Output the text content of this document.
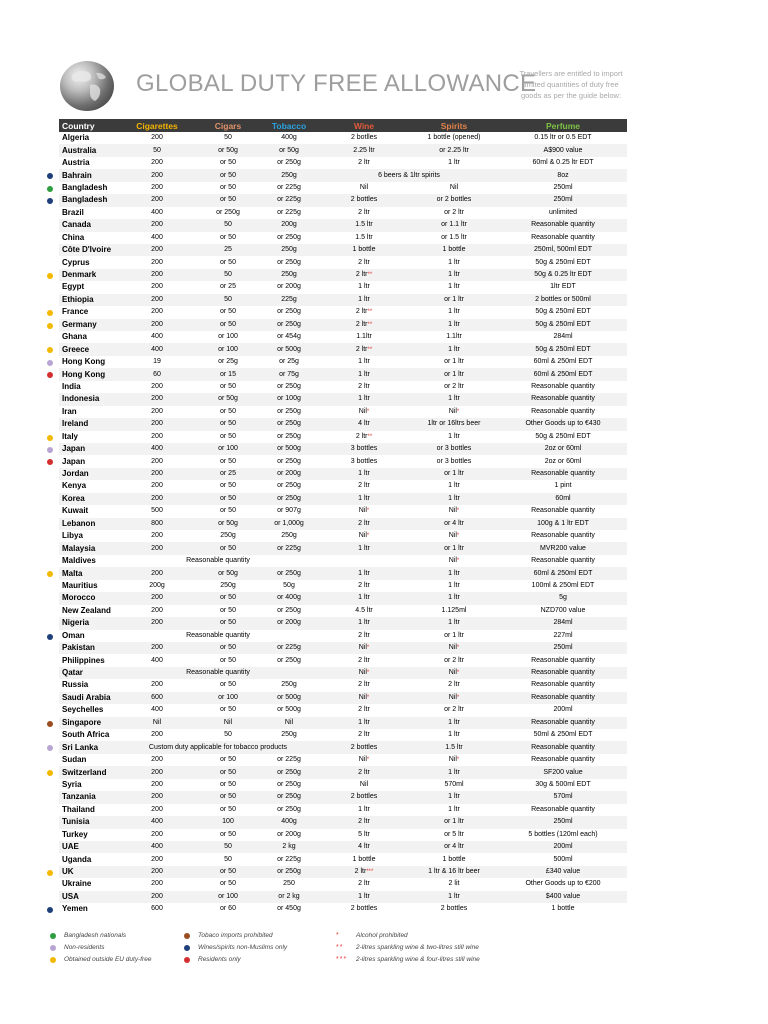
GLOBAL DUTY FREE ALLOWANCE
Travellers are entitled to import limited quantities of duty free goods as per the guide below:
Country	Cigarettes	Cigars	Tobacco	Wine	Spirits	Perfume
Algeria	200	50	400g	2 botlles	1 bottle (opened)	0.15 ltr or 0.5 EDT
Australia	50	or 50g	or 50g	2.25 ltr	or 2.25 ltr	A$900 value
Austria	200	or 50	or 250g	2 ltr	1 ltr	60ml & 0.25 ltr EDT

Bahrain	200	or 50	250g	6 beers & 1ltr spirits		8oz

Bangladesh	200	or 50	or 225g	Nil	Nil	250ml

Bangladesh	200	or 50	or 225g	2 bottles	or 2 bottles	250ml
Brazil	400	or 250g	or 225g	2 ltr	or 2 ltr	unlimited
Canada	200	50	200g	1.5 ltr	or 1.1 ltr	Reasonable quantity
China	400	or 50	or 250g	1.5 ltr	or 1.5 ltr	Reasonable quantity
Côte D'Ivoire	200	25	250g	1 bottle	1 bottle	250ml, 500ml EDT
Cyprus	200	or 50	or 250g	2 ltr	1 ltr	50g & 250ml EDT

Denmark	200	50	250g	2 ltr**	1 ltr	50g & 0.25 ltr EDT
Egypt	200	or 25	or 200g	1 ltr	1 ltr	1ltr EDT
Ethiopia	200	50	225g	1 ltr	or 1 ltr	2 bottles or 500ml

France	200	or 50	or 250g	2 ltr**	1 ltr	50g & 250ml EDT

Germany	200	or 50	or 250g	2 ltr**	1 ltr	50g & 250ml EDT
Ghana	400	or 100	or 454g	1.1ltr	1.1ltr	284ml

Greece	400	or 100	or 500g	2 ltr**	1 ltr	50g & 250ml EDT

Hong Kong	19	or 25g	or 25g	1 ltr	or 1 ltr	60ml & 250ml EDT

Hong Kong	60	or 15	or 75g	1 ltr	or 1 ltr	60ml & 250ml EDT
India	200	or 50	or 250g	2 ltr	or 2 ltr	Reasonable quantity
Indonesia	200	or 50g	or 100g	1 ltr	1 ltr	Reasonable quantity
Iran	200	or 50	or 250g	Nil*	Nil*	Reasonable quantity
Ireland	200	or 50	or 250g	4 ltr	1ltr or 16ltrs beer	Other Goods up to €430

Italy	200	or 50	or 250g	2 ltr**	1 ltr	50g & 250ml EDT

Japan	400	or 100	or 500g	3 bottles	or 3 bottles	2oz or 60ml

Japan	200	or 50	or 250g	3 bottles	or 3 bottles	2oz or 60ml
Jordan	200	or 25	or 200g	1 ltr	or 1 ltr	Reasonable quantity
Kenya	200	or 50	or 250g	2 ltr	1 ltr	1 pint
Korea	200	or 50	or 250g	1 ltr	1 ltr	60ml
Kuwait	500	or 50	or 907g	Nil*	Nil*	Reasonable quantity
Lebanon	800	or 50g	or 1,000g	2 ltr	or 4 ltr	100g & 1 ltr EDT
Libya	200	250g	250g	Nil*	Nil*	Reasonable quantity
Malaysia	200	or 50	or 225g	1 ltr	or 1 ltr	MVR200 value
Maldives	Reasonable quantity				Nil*	Reasonable quantity

Malta	200	or 50g	or 250g	1 ltr	1 ltr	60ml & 250ml EDT
Mauritius	200g	250g	50g	2 ltr	1 ltr	100ml & 250ml EDT
Morocco	200	or 50	or 400g	1 ltr	1 ltr	5g
New Zealand	200	or 50	or 250g	4.5 ltr	1.125ml	NZD700 value
Nigeria	200	or 50	or 200g	1 ltr	1 ltr	284ml

Oman	Reasonable quantity			2 ltr	or 1 ltr	227ml
Pakistan	200	or 50	or 225g	Nil*	Nil*	250ml
Philippines	400	or 50	or 250g	2 ltr	or 2 ltr	Reasonable quantity
Qatar	Reasonable quantity			Nil*	Nil*	Reasonable quantity
Russia	200	or 50	250g	2 ltr	2 ltr	Reasonable quantity
Saudi Arabia	600	or 100	or 500g	Nil*	Nil*	Reasonable quantity
Seychelles	400	or 50	or 500g	2 ltr	or 2 ltr	200ml

Singapore	Nil	Nil	Nil	1 ltr	1 ltr	Reasonable quantity
South Africa	200	50	250g	2 ltr	1 ltr	50ml & 250ml EDT

Sri Lanka	Custom duty applicable for tobacco products			2 bottles	1.5 ltr	Reasonable quantity
Sudan	200	or 50	or 225g	Nil*	Nil*	Reasonable quantity

Switzerland	200	or 50	or 250g	2 ltr	1 ltr	SF200 value
Syria	200	or 50	or 250g	Nil	570ml	30g & 500ml EDT
Tanzania	200	or 50	or 250g	2 bottles	1 ltr	570ml
Thailand	200	or 50	or 250g	1 ltr	1 ltr	Reasonable quantity
Tunisia	400	100	400g	2 ltr	or 1 ltr	250ml
Turkey	200	or 50	or 200g	5 ltr	or 5 ltr	5 bottles (120ml each)
UAE	400	50	2 kg	4 ltr	or 4 ltr	200ml
Uganda	200	50	or 225g	1 bottle	1 bottle	500ml

UK	200	or 50	or 250g	2 ltr***	1 ltr & 16 ltr beer	£340 value
Ukraine	200	or 50	250	2 ltr	2 lit	Other Goods up to €200
USA	200	or 100	or 2 kg	1 ltr	1 ltr	$400 value

Yemen	600	or 60	or 450g	2 bottles	2 bottles	1 bottle
Bangladesh nationals
Non-residents
Obtained outside EU duty-free
Tobaco imports prohibited
Wines/spirits non-Muslims only
Residents only
*	Alcohol prohibited
** 2-litres sparkling wine & two-litres still wine
*** 2-litres sparkling wine & four-litres still wine
